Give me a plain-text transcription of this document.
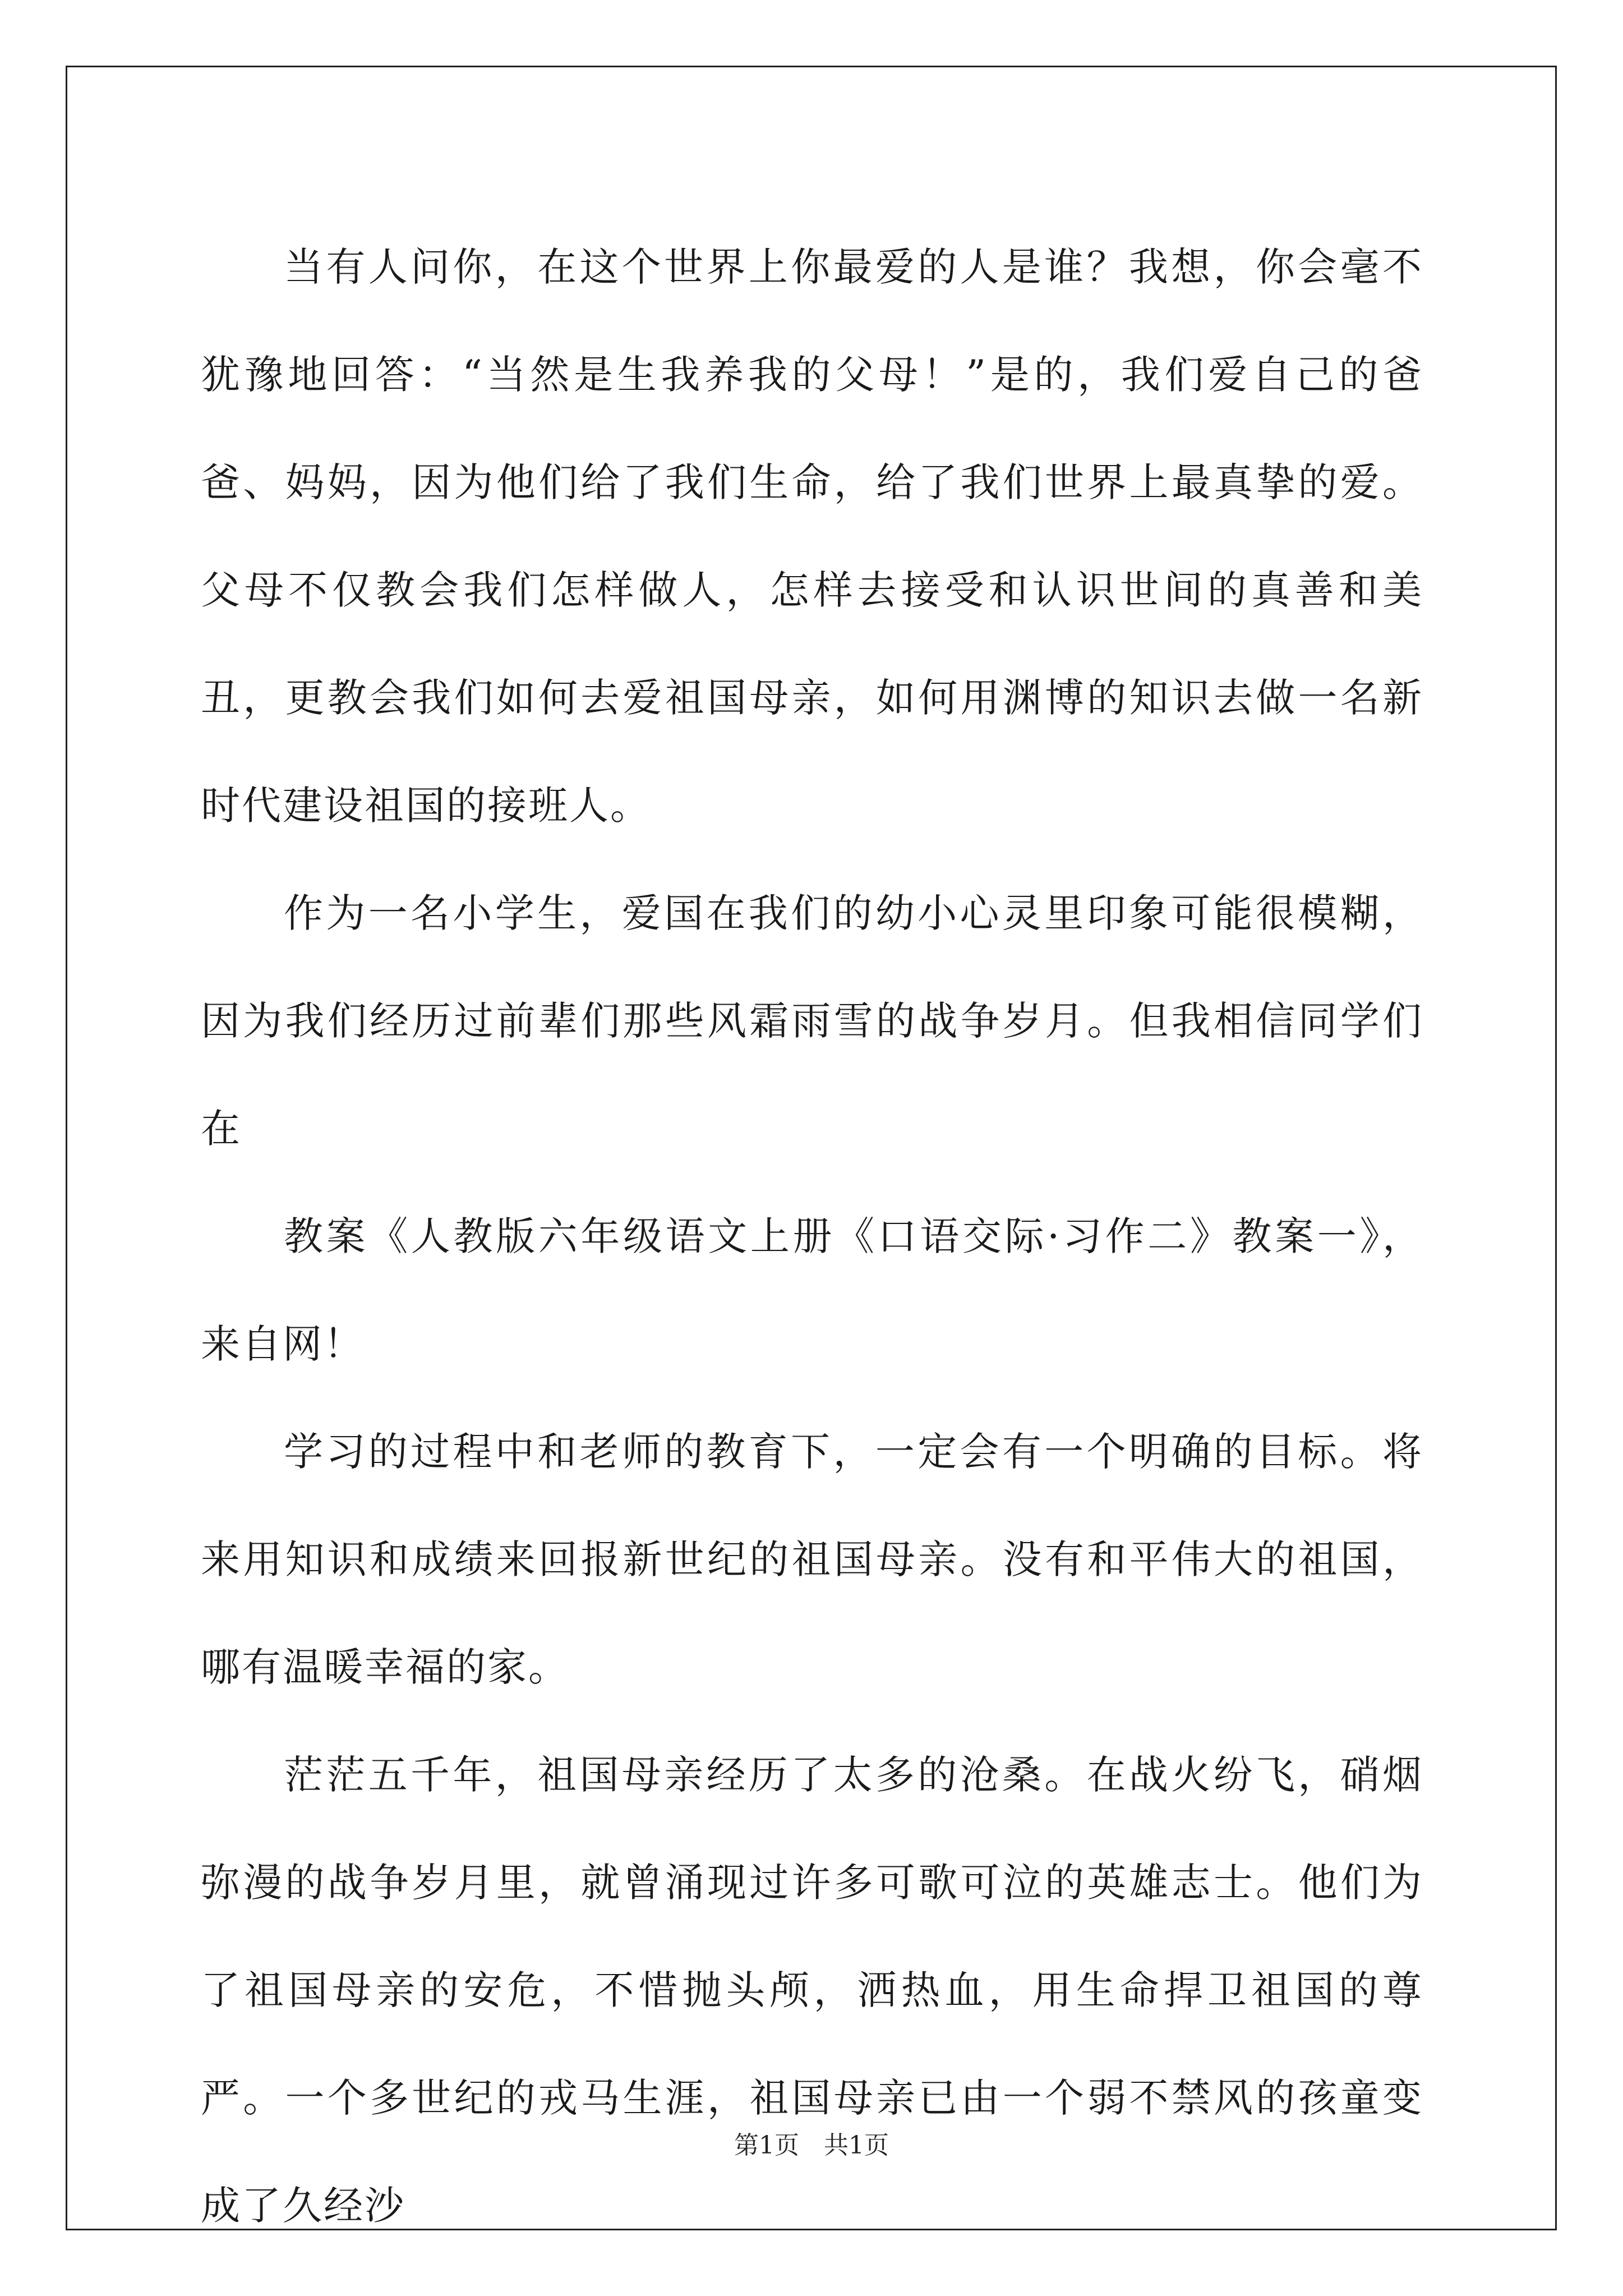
当有人问你，在这个世界上你最爱的人是谁？我想，你会毫不犹豫地回答：“当然是生我养我的父母！”是的，我们爱自己的爸爸、妈妈，因为他们给了我们生命，给了我们世界上最真挚的爱。父母不仅教会我们怎样做人，怎样去接受和认识世间的真善和美丑，更教会我们如何去爱祖国母亲，如何用渊博的知识去做一名新时代建设祖国的接班人。

作为一名小学生，爱国在我们的幼小心灵里印象可能很模糊，因为我们经历过前辈们那些风霜雨雪的战争岁月。但我相信同学们在

教案《人教版六年级语文上册《口语交际·习作二》教案一》，来自网！

学习的过程中和老师的教育下，一定会有一个明确的目标。将来用知识和成绩来回报新世纪的祖国母亲。没有和平伟大的祖国，哪有温暖幸福的家。

茫茫五千年，祖国母亲经历了太多的沧桑。在战火纷飞，硝烟弥漫的战争岁月里，就曾涌现过许多可歌可泣的英雄志士。他们为了祖国母亲的安危，不惜抛头颅，洒热血，用生命捍卫祖国的尊严。一个多世纪的戎马生涯，祖国母亲已由一个弱不禁风的孩童变成了久经沙

第1页 共1页
